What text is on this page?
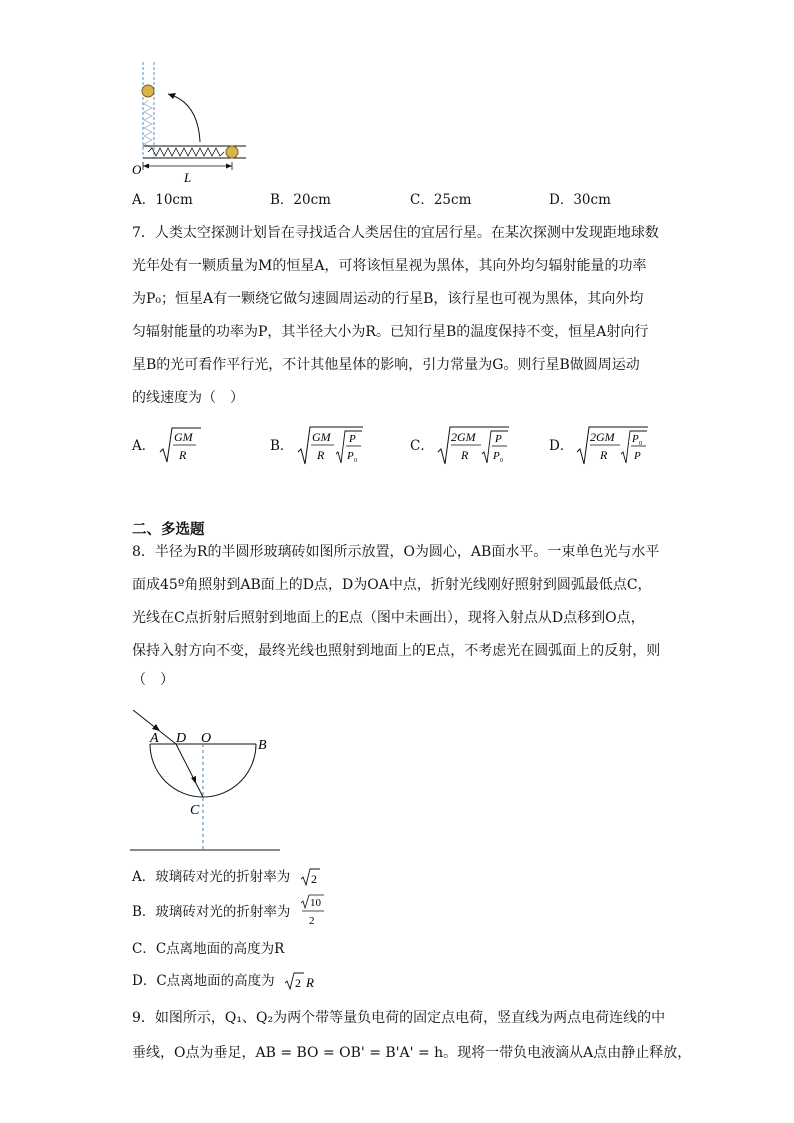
O
L
A．10cm	B．20cm	C．25cm	D．30cm
7．人类太空探测计划旨在寻找适合人类居住的宜居行星。在某次探测中发现距地球数
光年处有一颗质量为M的恒星A，可将该恒星视为黑体，其向外均匀辐射能量的功率
为P₀；恒星A有一颗绕它做匀速圆周运动的行星B，该行星也可视为黑体，其向外均
匀辐射能量的功率为P，其半径大小为R。已知行星B的温度保持不变，恒星A射向行
星B的光可看作平行光，不计其他星体的影响，引力常量为G。则行星B做圆周运动
的线速度为（　）
A．
GM
R
B．
GM
R
P
P 0
C．
2GM
R
P
P 0
D．
2GM
R
P 0
P
二、多选题
8．半径为R的半圆形玻璃砖如图所示放置，O为圆心，AB面水平。一束单色光与水平
面成45º角照射到AB面上的D点，D为OA中点，折射光线刚好照射到圆弧最低点C，
光线在C点折射后照射到地面上的E点（图中未画出），现将入射点从D点移到O点，
保持入射方向不变，最终光线也照射到地面上的E点，不考虑光在圆弧面上的反射，则
（　）
A D O	B
C
A．玻璃砖对光的折射率为 2
B．玻璃砖对光的折射率为
10
2
C．C点离地面的高度为R
D．C点离地面的高度为 2 R
9．如图所示，Q₁、Q₂为两个带等量负电荷的固定点电荷，竖直线为两点电荷连线的中
垂线，O点为垂足，AB = BO = OB' = B'A' = h。现将一带负电液滴从A点由静止释放，
